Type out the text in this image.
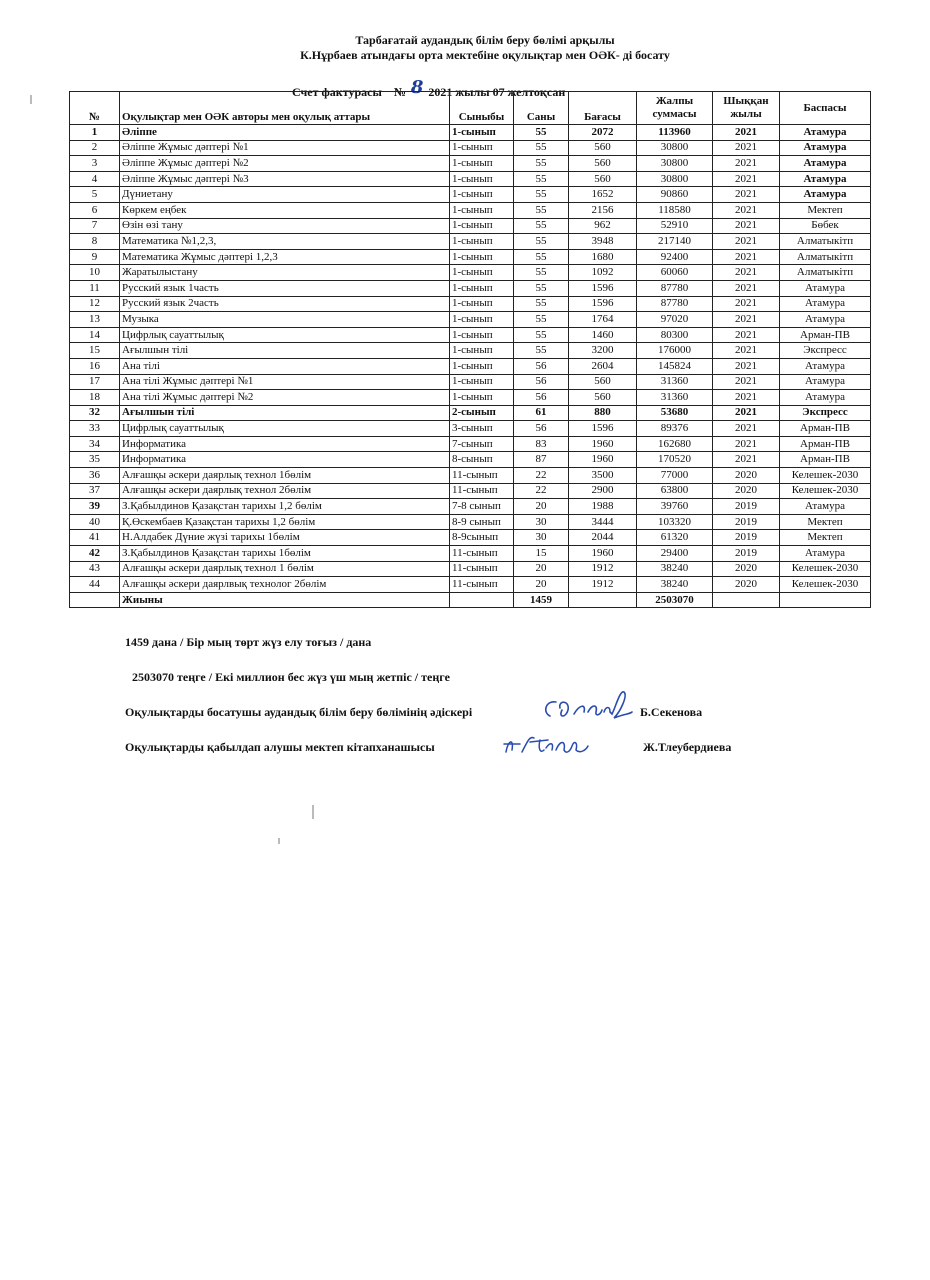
Тарбағатай аудандық білім беру бөлімі арқылы
К.Нұрбаев атындағы орта мектебіне оқулықтар мен ОӘК- ді босату
Счет фактурасы № 8 2021 жылы 07 желтоқсан
№	Оқулықтар мен ОӘК авторы мен оқулық аттары	Сыныбы	Саны	Бағасы	Жалпы суммасы	Шыққан жылы	Баспасы
1	Әліппе	1-сынып	55	2072	113960	2021	Атамура
2	Әліппе Жұмыс дәптері №1	1-сынып	55	560	30800	2021	Атамура
3	Әліппе Жұмыс дәптері №2	1-сынып	55	560	30800	2021	Атамура
4	Әліппе Жұмыс дәптері №3	1-сынып	55	560	30800	2021	Атамура
5	Дүниетану	1-сынып	55	1652	90860	2021	Атамура
6	Көркем еңбек	1-сынып	55	2156	118580	2021	Мектеп
7	Өзін өзі тану	1-сынып	55	962	52910	2021	Бөбек
8	Математика №1,2,3,	1-сынып	55	3948	217140	2021	Алматыкітп
9	Математика Жұмыс дәптері 1,2,3	1-сынып	55	1680	92400	2021	Алматыкітп
10	Жаратылыстану	1-сынып	55	1092	60060	2021	Алматыкітп
11	Русский язык 1часть	1-сынып	55	1596	87780	2021	Атамура
12	Русский язык 2часть	1-сынып	55	1596	87780	2021	Атамура
13	Музыка	1-сынып	55	1764	97020	2021	Атамура
14	Цифрлық сауаттылық	1-сынып	55	1460	80300	2021	Арман-ПВ
15	Ағылшын тілі	1-сынып	55	3200	176000	2021	Экспресс
16	Ана тілі	1-сынып	56	2604	145824	2021	Атамура
17	Ана тілі Жұмыс дәптері №1	1-сынып	56	560	31360	2021	Атамура
18	Ана тілі Жұмыс дәптері №2	1-сынып	56	560	31360	2021	Атамура
32	Ағылшын тілі	2-сынып	61	880	53680	2021	Экспресс
33	Цифрлық сауаттылық	3-сынып	56	1596	89376	2021	Арман-ПВ
34	Информатика	7-сынып	83	1960	162680	2021	Арман-ПВ
35	Информатика	8-сынып	87	1960	170520	2021	Арман-ПВ
36	Алғашқы әскери даярлық технол 1бөлім	11-сынып	22	3500	77000	2020	Келешек-2030
37	Алғашқы әскери даярлық технол 2бөлім	11-сынып	22	2900	63800	2020	Келешек-2030
39	З.Қабылдинов Қазақстан тарихы 1,2 бөлім	7-8 сынып	20	1988	39760	2019	Атамура
40	Қ.Өскембаев Қазақстан тарихы 1,2 бөлім	8-9 сынып	30	3444	103320	2019	Мектеп
41	Н.Алдабек Дүние жүзі тарихы 1бөлім	8-9сынып	30	2044	61320	2019	Мектеп
42	З.Қабылдинов Қазақстан тарихы 1бөлім	11-сынып	15	1960	29400	2019	Атамура
43	Алғашқы әскери даярлық технол 1 бөлім	11-сынып	20	1912	38240	2020	Келешек-2030
44	Алғашқы әскери даярлвық технолог 2бөлім	11-сынып	20	1912	38240	2020	Келешек-2030
	Жиыны		1459		2503070		
1459 дана / Бір мың төрт жүз елу тоғыз / дана
2503070 теңге / Екі миллион бес жүз үш мың жетпіс / теңге
Оқулықтарды босатушы аудандық білім беру бөлімінің әдіскері	Б.Секенова
Оқулықтарды қабылдап алушы мектеп кітапханашысы	Ж.Тлеубердиева
